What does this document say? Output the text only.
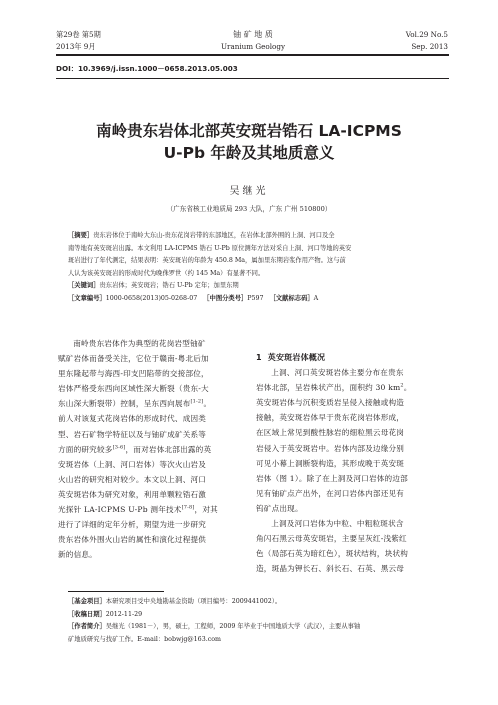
第29卷 第5期
2013年 9月
铀 矿 地 质
Uranium Geology
Vol.29 No.5
Sep. 2013
DOI：10.3969/j.issn.1000－0658.2013.05.003
南岭贵东岩体北部英安斑岩锆石 LA-ICPMS
U-Pb 年龄及其地质意义
吴继光
（广东省核工业地质局 293 大队，广东 广州 510800）
［摘要］贵东岩体位于南岭大东山-贵东花岗岩带的东部地区，在岩体北部外围的上洞、河口及全
南等地有英安斑岩出露。本文利用 LA-ICPMS 锆石 U-Pb 原位测年方法对采自上洞、河口等地的英安
斑岩进行了年代测定，结果表明：英安斑岩的年龄为 450.8 Ma，属加里东期岩浆作用产物。这与前
人认为该英安斑岩的形成时代为晚侏罗世（约 145 Ma）有显著不同。
［关键词］贵东岩体；英安斑岩；锆石 U-Pb 定年；加里东期
［文章编号］1000-0658(2013)05-0268-07 ［中图分类号］P597 ［文献标志码］A
南岭贵东岩体作为典型的花岗岩型铀矿
赋矿岩体而备受关注，它位于赣南-粤北后加
里东隆起带与海西-印支凹陷带的交接部位，
岩体严格受东西向区域性深大断裂（贵东-大
东山深大断裂带）控制，呈东西向展布[1-2]。
前人对该复式花岗岩体的形成时代、成因类
型、岩石矿物学特征以及与铀矿成矿关系等
方面的研究较多[3-6]，而对岩体北部出露的英
安斑岩体（上洞、河口岩体）等次火山岩及
火山岩的研究相对较少。本文以上洞、河口
英安斑岩体为研究对象，利用单颗粒锆石激
光探针 LA-ICPMS U-Pb 测年技术[7-8]，对其
进行了详细的定年分析，期望为进一步研究
贵东岩体外围火山岩的属性和演化过程提供
新的信息。
1 英安斑岩体概况
上洞、河口英安斑岩体主要分布在贵东
岩体北部，呈岩株状产出，面积约 30 $km^2$。
英安斑岩体与沉积变质岩呈侵入接触或构造
接触，英安斑岩体早于贵东花岗岩体形成，
在区域上常见到酸性脉岩的细粒黑云母花岗
岩侵入于英安斑岩中。岩体内部及边缘分别
可见小幕上洞断裂构造，其形成晚于英安斑
岩体（图 1）。除了在上洞及河口岩体的边部
见有铀矿点产出外，在河口岩体内部还见有
钨矿点出现。
上洞及河口岩体为中粒、中粗粒斑状含
角闪石黑云母英安斑岩，主要呈灰红-浅紫红
色（局部石英为暗红色），斑状结构，块状构
造，斑晶为钾长石、斜长石、石英、黑云母
［基金项目］本研究项目受中央地勘基金资助（项目编号：2009441002）。
［收稿日期］2012-11-29
［作者简介］吴继光（1981－），男，硕士，工程师，2009 年毕业于中国地质大学（武汉），主要从事铀
矿地质研究与找矿工作。E-mail：bobwjg@163.com
